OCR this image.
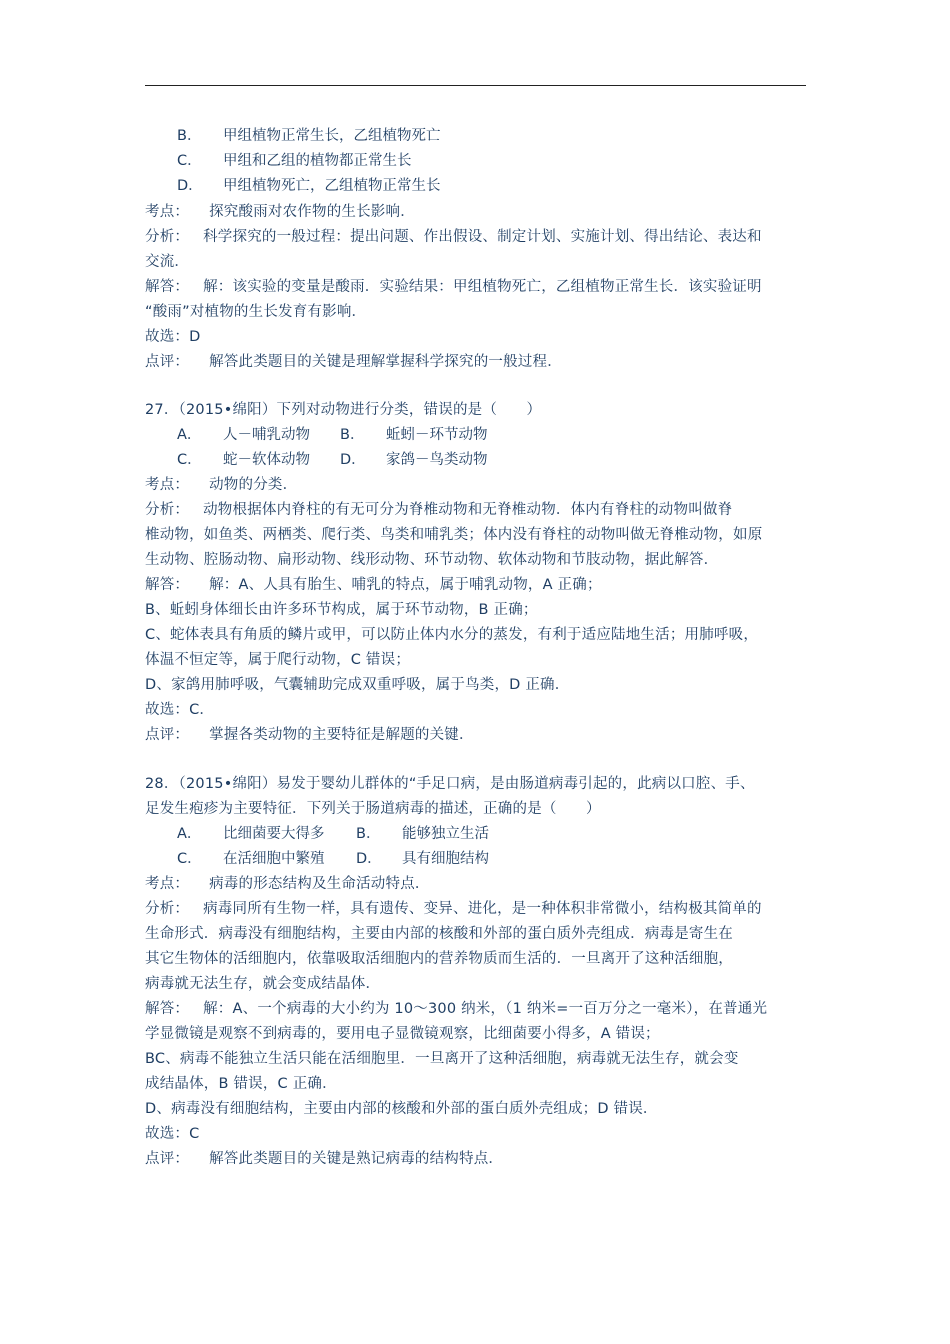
B． 甲组植物正常生长，乙组植物死亡
C． 甲组和乙组的植物都正常生长
D． 甲组植物死亡，乙组植物正常生长
考点： 探究酸雨对农作物的生长影响．
分析： 科学探究的一般过程：提出问题、作出假设、制定计划、实施计划、得出结论、表达和
交流．
解答： 解：该实验的变量是酸雨．实验结果：甲组植物死亡，乙组植物正常生长．该实验证明
“酸雨”对植物的生长发育有影响．
故选：D
点评： 解答此类题目的关键是理解掌握科学探究的一般过程．
27．（2015•绵阳）下列对动物进行分类，错误的是（　　）
A． 人－哺乳动物 B． 蚯蚓－环节动物
C． 蛇－软体动物 D． 家鸽－鸟类动物
考点： 动物的分类．
分析： 动物根据体内脊柱的有无可分为脊椎动物和无脊椎动物．体内有脊柱的动物叫做脊
椎动物，如鱼类、两栖类、爬行类、鸟类和哺乳类；体内没有脊柱的动物叫做无脊椎动物，如原
生动物、腔肠动物、扁形动物、线形动物、环节动物、软体动物和节肢动物，据此解答．
解答： 解：A、人具有胎生、哺乳的特点，属于哺乳动物，A 正确；
B、蚯蚓身体细长由许多环节构成，属于环节动物，B 正确；
C、蛇体表具有角质的鳞片或甲，可以防止体内水分的蒸发，有利于适应陆地生活；用肺呼吸，
体温不恒定等，属于爬行动物，C 错误；
D、家鸽用肺呼吸，气囊辅助完成双重呼吸，属于鸟类，D 正确．
故选：C．
点评： 掌握各类动物的主要特征是解题的关键．
28．（2015•绵阳）易发于婴幼儿群体的“手足口病，是由肠道病毒引起的，此病以口腔、手、
足发生疱疹为主要特征．下列关于肠道病毒的描述，正确的是（　　）
A． 比细菌要大得多 B． 能够独立生活
C． 在活细胞中繁殖 D． 具有细胞结构
考点： 病毒的形态结构及生命活动特点．
分析： 病毒同所有生物一样，具有遗传、变异、进化，是一种体积非常微小，结构极其简单的
生命形式．病毒没有细胞结构，主要由内部的核酸和外部的蛋白质外壳组成．病毒是寄生在
其它生物体的活细胞内，依靠吸取活细胞内的营养物质而生活的．一旦离开了这种活细胞，
病毒就无法生存，就会变成结晶体．
解答： 解：A、一个病毒的大小约为 10～300 纳米，（1 纳米=一百万分之一毫米），在普通光
学显微镜是观察不到病毒的，要用电子显微镜观察，比细菌要小得多，A 错误；
BC、病毒不能独立生活只能在活细胞里．一旦离开了这种活细胞，病毒就无法生存，就会变
成结晶体，B 错误，C 正确．
D、病毒没有细胞结构，主要由内部的核酸和外部的蛋白质外壳组成；D 错误．
故选：C
点评： 解答此类题目的关键是熟记病毒的结构特点．
